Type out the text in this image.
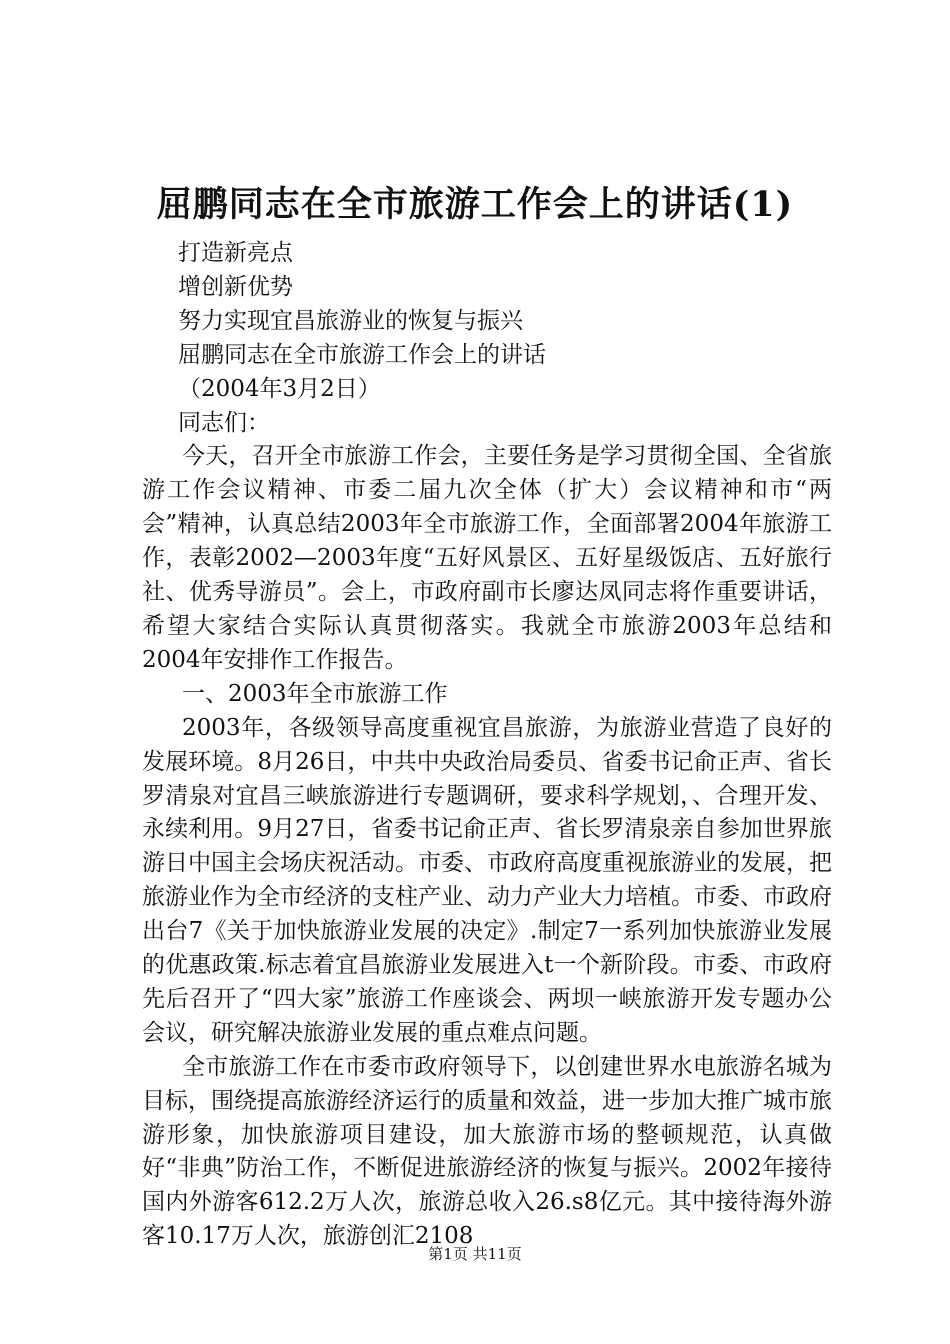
屈鹏同志在全市旅游工作会上的讲话(1)

打造新亮点

增创新优势

努力实现宜昌旅游业的恢复与振兴

屈鹏同志在全市旅游工作会上的讲话

（2004年3月2日）

同志们：

今天，召开全市旅游工作会，主要任务是学习贯彻全国、全省旅游工作会议精神、市委二届九次全体（扩大）会议精神和市“两会”精神，认真总结2003年全市旅游工作，全面部署2004年旅游工作，表彰2002—2003年度“五好风景区、五好星级饭店、五好旅行社、优秀导游员”。会上，市政府副市长廖达凤同志将作重要讲话，希望大家结合实际认真贯彻落实。我就全市旅游2003年总结和2004年安排作工作报告。

一、2003年全市旅游工作

2003年，各级领导高度重视宜昌旅游，为旅游业营造了良好的发展环境。8月26日，中共中央政治局委员、省委书记俞正声、省长罗清泉对宜昌三峡旅游进行专题调研，要求科学规划，、合理开发、永续利用。9月27日，省委书记俞正声、省长罗清泉亲自参加世界旅游日中国主会场庆祝活动。市委、市政府高度重视旅游业的发展，把旅游业作为全市经济的支柱产业、动力产业大力培植。市委、市政府出台7《关于加快旅游业发展的决定》.制定7一系列加快旅游业发展的优惠政策.标志着宜昌旅游业发展进入t一个新阶段。市委、市政府先后召开了“四大家”旅游工作座谈会、两坝一峡旅游开发专题办公会议，研究解决旅游业发展的重点难点问题。

全市旅游工作在市委市政府领导下，以创建世界水电旅游名城为目标，围绕提高旅游经济运行的质量和效益，进一步加大推广城市旅游形象，加快旅游项目建设，加大旅游市场的整顿规范，认真做好“非典”防治工作，不断促进旅游经济的恢复与振兴。2002年接待国内外游客612.2万人次，旅游总收入26.s8亿元。其中接待海外游客10.17万人次，旅游创汇2108

第1页 共11页
